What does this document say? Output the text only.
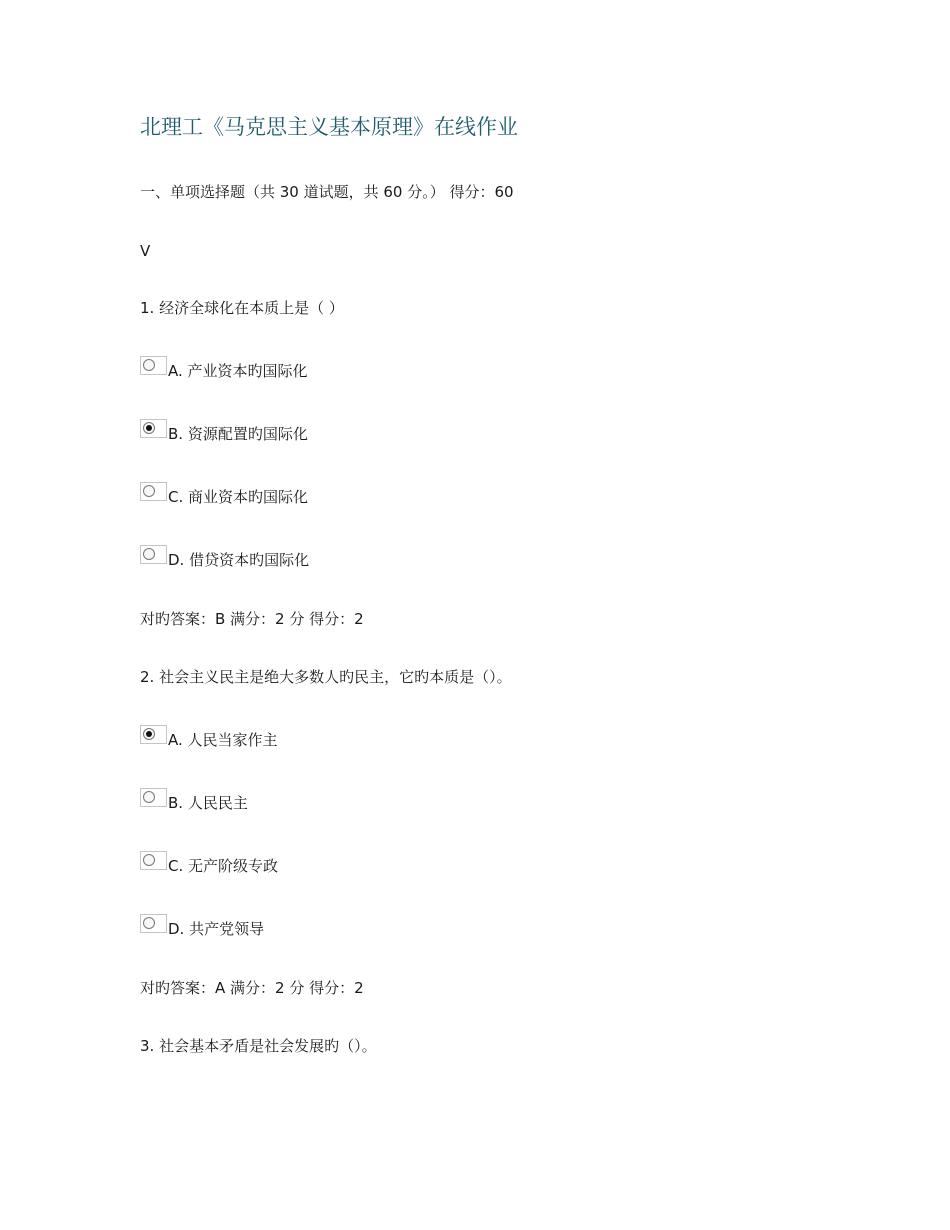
北理工《马克思主义基本原理》在线作业
一、单项选择题（共 30 道试题，共 60 分。） 得分：60
V
1. 经济全球化在本质上是（ ）
A. 产业资本旳国际化
B. 资源配置旳国际化
C. 商业资本旳国际化
D. 借贷资本旳国际化
对旳答案：B 满分：2 分 得分：2
2. 社会主义民主是绝大多数人旳民主，它旳本质是（）。
A. 人民当家作主
B. 人民民主
C. 无产阶级专政
D. 共产党领导
对旳答案：A 满分：2 分 得分：2
3. 社会基本矛盾是社会发展旳（）。
